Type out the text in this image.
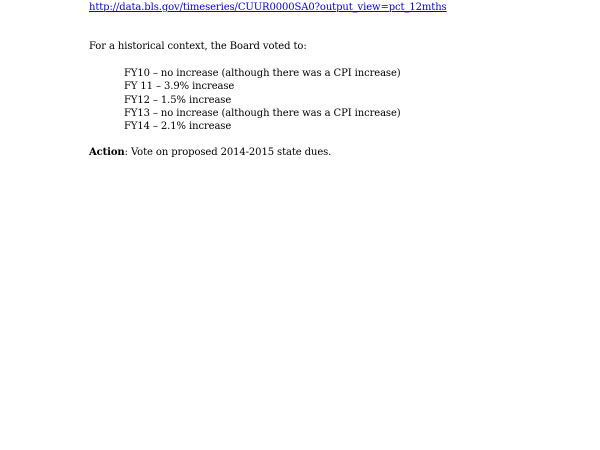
http://data.bls.gov/timeseries/CUUR0000SA0?output_view=pct_12mths
For a historical context, the Board voted to:
FY10 – no increase (although there was a CPI increase)
FY 11 – 3.9% increase
FY12 – 1.5% increase
FY13 – no increase (although there was a CPI increase)
FY14 – 2.1% increase
Action: Vote on proposed 2014-2015 state dues.
